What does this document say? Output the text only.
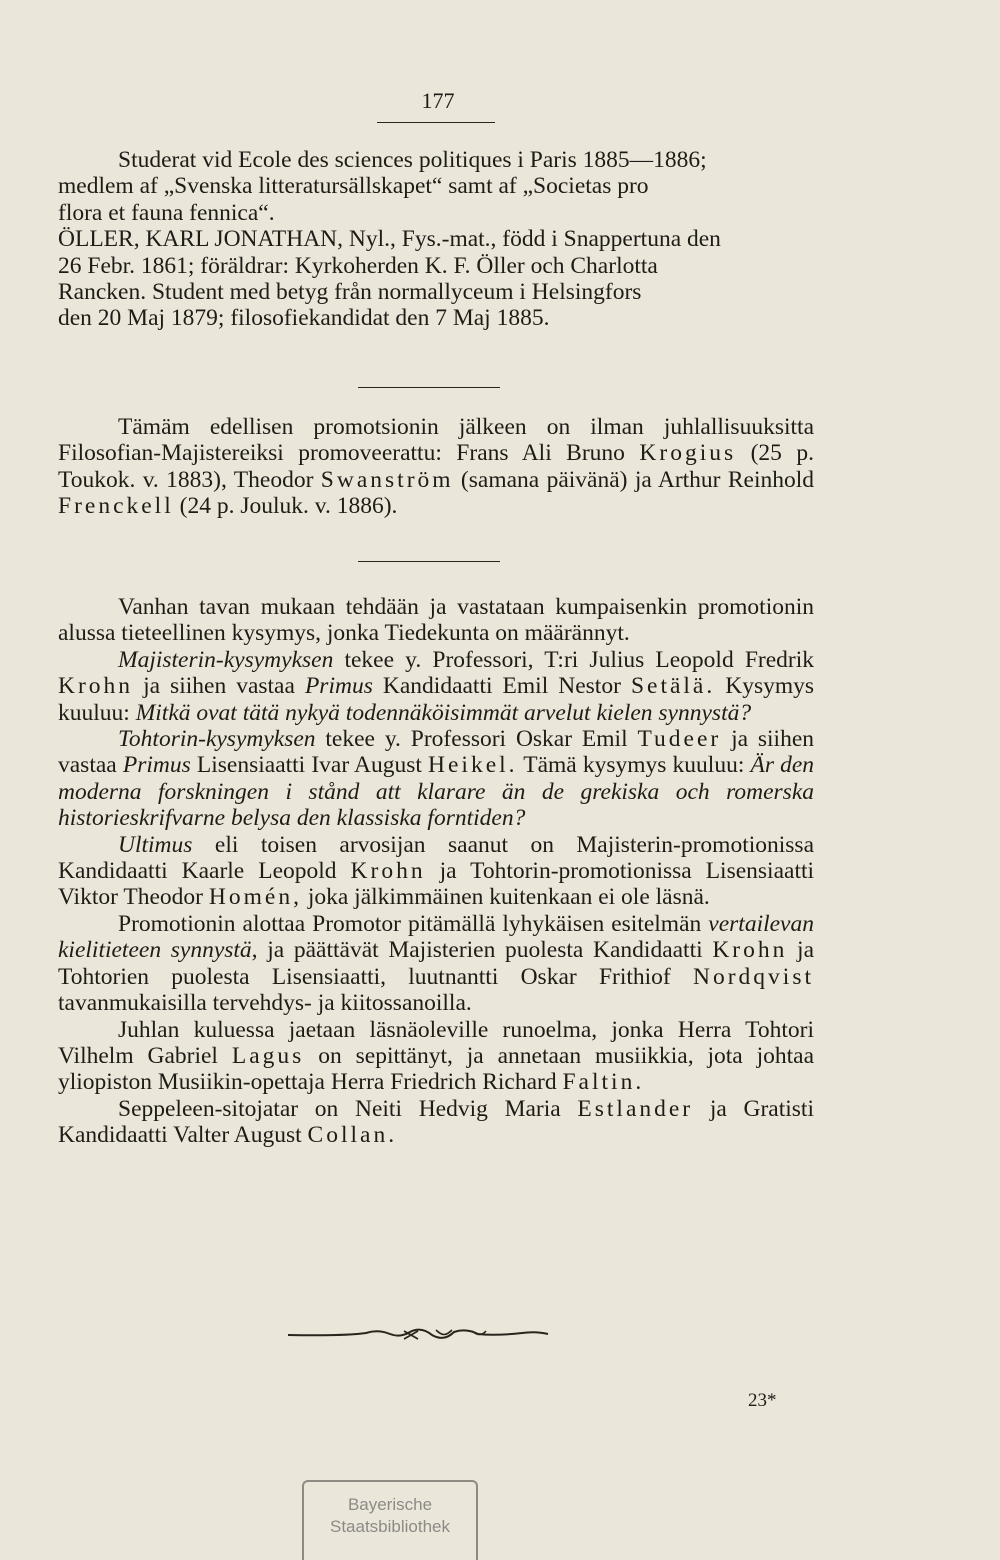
177
Studerat vid Ecole des sciences politiques i Paris 1885—1886;
medlem af „Svenska litteratursällskapet“ samt af „Societas pro
flora et fauna fennica“.
ÖLLER, KARL JONATHAN, Nyl., Fys.-mat., född i Snappertuna den
26 Febr. 1861; föräldrar: Kyrkoherden K. F. Öller och Charlotta
Rancken. Student med betyg från normallyceum i Helsingfors
den 20 Maj 1879; filosofiekandidat den 7 Maj 1885.

Tämäm edellisen promotsionin jälkeen on ilman juhlallisuuksitta Filosofian-Majistereiksi promoveerattu: Frans Ali Bruno Krogius (25 p. Toukok. v. 1883), Theodor Swanström (samana päivänä) ja Arthur Reinhold Frenckell (24 p. Jouluk. v. 1886).

Vanhan tavan mukaan tehdään ja vastataan kumpaisenkin promotionin alussa tieteellinen kysymys, jonka Tiedekunta on määrännyt.

Majisterin-kysymyksen tekee y. Professori, T:ri Julius Leopold Fredrik Krohn ja siihen vastaa Primus Kandidaatti Emil Nestor Setälä. Kysymys kuuluu: Mitkä ovat tätä nykyä todennäköisimmät arvelut kielen synnystä?

Tohtorin-kysymyksen tekee y. Professori Oskar Emil Tudeer ja siihen vastaa Primus Lisensiaatti Ivar August Heikel. Tämä kysymys kuuluu: Är den moderna forskningen i stånd att klarare än de grekiska och romerska historieskrifvarne belysa den klassiska forntiden?

Ultimus eli toisen arvosijan saanut on Majisterin-promotionissa Kandidaatti Kaarle Leopold Krohn ja Tohtorin-promotionissa Lisensiaatti Viktor Theodor Homén, joka jälkimmäinen kuitenkaan ei ole läsnä.

Promotionin alottaa Promotor pitämällä lyhykäisen esitelmän vertailevan kielitieteen synnystä, ja päättävät Majisterien puolesta Kandidaatti Krohn ja Tohtorien puolesta Lisensiaatti, luutnantti Oskar Frithiof Nordqvist tavanmukaisilla tervehdys- ja kiitossanoilla.

Juhlan kuluessa jaetaan läsnäoleville runoelma, jonka Herra Tohtori Vilhelm Gabriel Lagus on sepittänyt, ja annetaan musiikkia, jota johtaa yliopiston Musiikin-opettaja Herra Friedrich Richard Faltin.

Seppeleen-sitojatar on Neiti Hedvig Maria Estlander ja Gratisti Kandidaatti Valter August Collan.

23*
Bayerische
Staatsbibliothek
